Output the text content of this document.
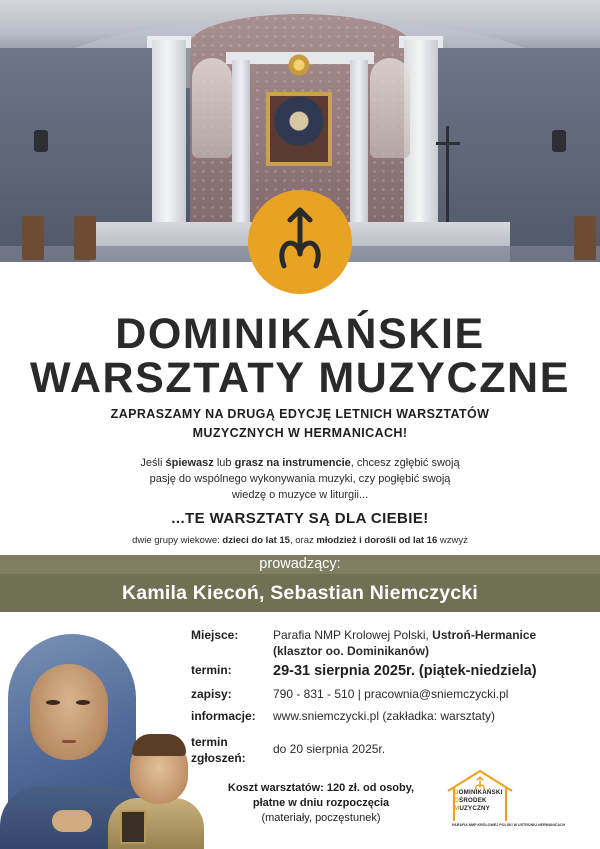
DOMINIKAŃSKIE
WARSZTATY MUZYCZNE
ZAPRASZAMY NA DRUGĄ EDYCJĘ LETNICH WARSZTATÓW
MUZYCZNYCH W HERMANICACH!
Jeśli śpiewasz lub grasz na instrumencie, chcesz zgłębić swoją
pasję do wspólnego wykonywania muzyki, czy pogłębić swoją
wiedzę o muzyce w liturgii...
...TE WARSZTATY SĄ DLA CIEBIE!
dwie grupy wiekowe: dzieci do lat 15, oraz młodzież i dorośli od lat 16 wzwyż
prowadzący:
Kamila Kiecoń, Sebastian Niemczycki
Miejsce:	Parafia NMP Krolowej Polski, Ustroń-Hermanice
(klasztor oo. Dominikanów)
termin:	29-31 sierpnia 2025r. (piątek-niedziela)
zapisy:	790 - 831 - 510 | pracownia@sniemczycki.pl
informacje: www.sniemczycki.pl (zakładka: warsztaty)
termin
zgłoszeń:
do 20 sierpnia 2025r.
Koszt warsztatów: 120 zł. od osoby,
płatne w dniu rozpoczęcia
(materiały, poczęstunek)
DOMINIKAŃSKI
OŚRODEK
MUZYCZNY
PARAFIA NMP KRÓLOWEJ POLSKI W USTRONIU-HERMANICACH
